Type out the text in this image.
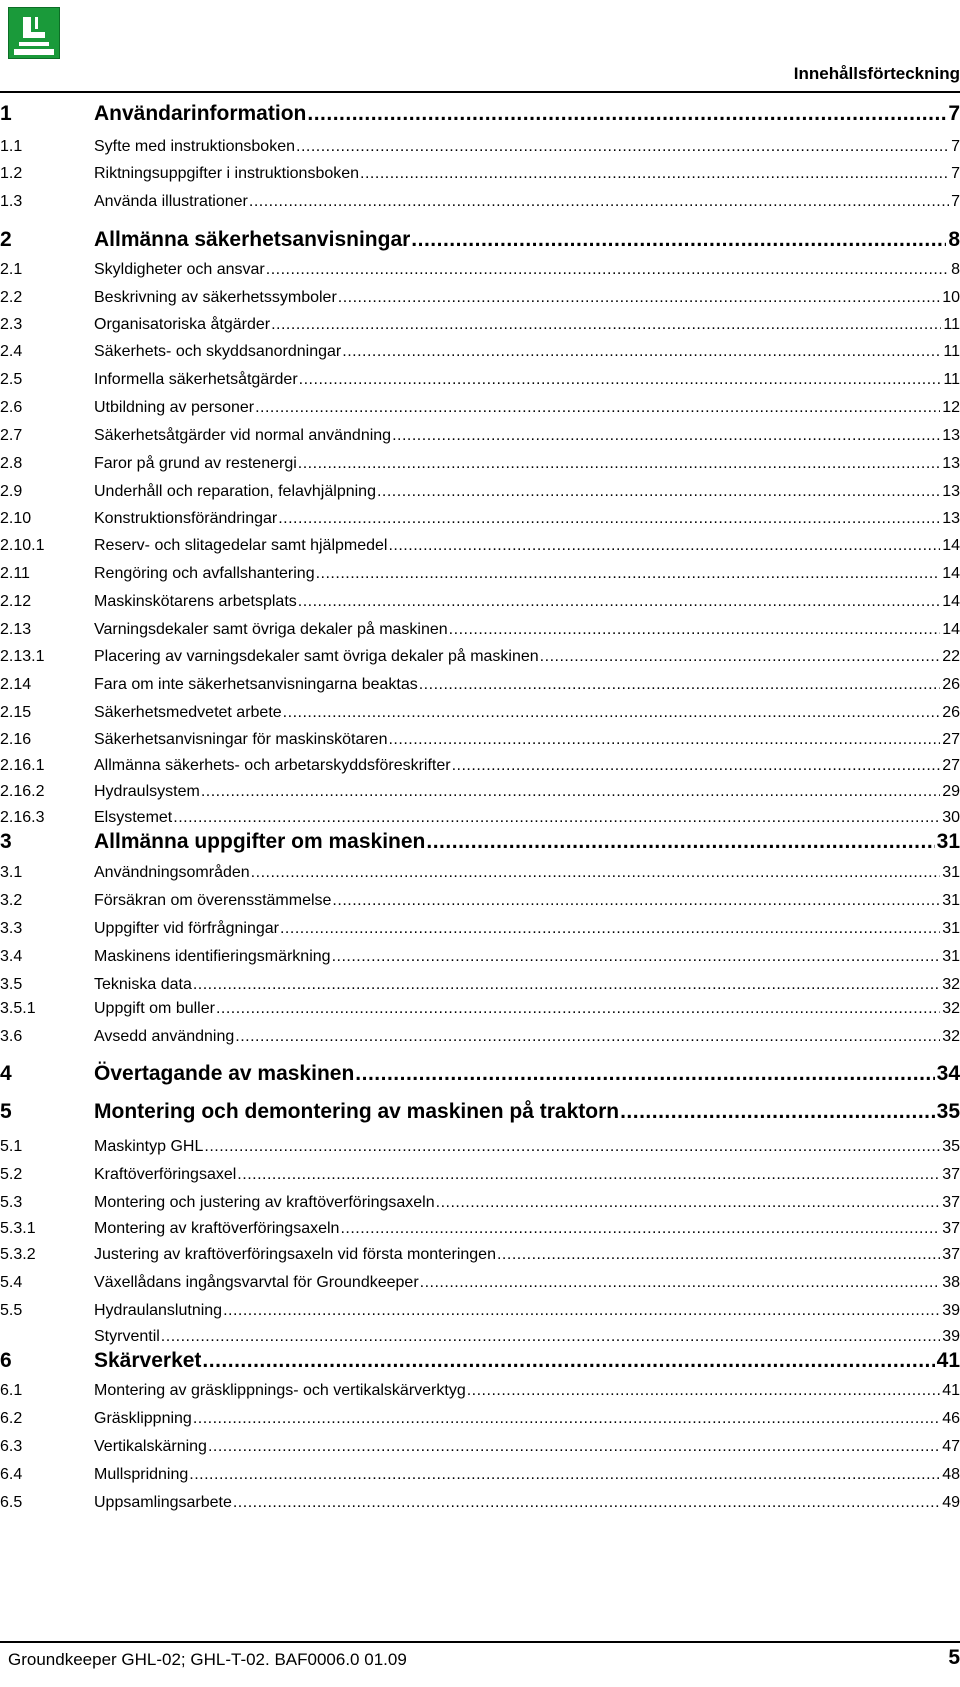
Innehållsförteckning
1	Användarinformation .....	7
1.1	Syfte med instruktionsboken .....	7
1.2	Riktningsuppgifter i instruktionsboken .....	7
1.3	Använda illustrationer .....	7
2	Allmänna säkerhetsanvisningar .....	8
2.1	Skyldigheter och ansvar .....	8
2.2	Beskrivning av säkerhetssymboler .....	10
2.3	Organisatoriska åtgärder .....	11
2.4	Säkerhets- och skyddsanordningar .....	11
2.5	Informella säkerhetsåtgärder .....	11
2.6	Utbildning av personer .....	12
2.7	Säkerhetsåtgärder vid normal användning .....	13
2.8	Faror på grund av restenergi .....	13
2.9	Underhåll och reparation, felavhjälpning .....	13
2.10	Konstruktionsförändringar .....	13
2.10.1	Reserv- och slitagedelar samt hjälpmedel .....	14
2.11	Rengöring och avfallshantering .....	14
2.12	Maskinskötarens arbetsplats .....	14
2.13	Varningsdekaler samt övriga dekaler på maskinen .....	14
2.13.1	Placering av varningsdekaler samt övriga dekaler på maskinen .....	22
2.14	Fara om inte säkerhetsanvisningarna beaktas .....	26
2.15	Säkerhetsmedvetet arbete .....	26
2.16	Säkerhetsanvisningar för maskinskötaren .....	27
2.16.1	Allmänna säkerhets- och arbetarskyddsföreskrifter .....	27
2.16.2	Hydraulsystem .....	29
2.16.3	Elsystemet .....	30
3	Allmänna uppgifter om maskinen .....	31
3.1	Användningsområden .....	31
3.2	Försäkran om överensstämmelse .....	31
3.3	Uppgifter vid förfrågningar .....	31
3.4	Maskinens identifieringsmärkning .....	31
3.5	Tekniska data .....	32
3.5.1	Uppgift om buller .....	32
3.6	Avsedd användning .....	32
4	Övertagande av maskinen .....	34
5	Montering och demontering av maskinen på traktorn .....	35
5.1	Maskintyp GHL .....	35
5.2	Kraftöverföringsaxel .....	37
5.3	Montering och justering av kraftöverföringsaxeln .....	37
5.3.1	Montering av kraftöverföringsaxeln .....	37
5.3.2	Justering av kraftöverföringsaxeln vid första monteringen .....	37
5.4	Växellådans ingångsvarvtal för Groundkeeper .....	38
5.5	Hydraulanslutning .....	39
Styrventil .....	39
6	Skärverket .....	41
6.1	Montering av gräsklippnings- och vertikalskärverktyg .....	41
6.2	Gräsklippning .....	46
6.3	Vertikalskärning .....	47
6.4	Mullspridning .....	48
6.5	Uppsamlingsarbete .....	49
Groundkeeper GHL-02; GHL-T-02. BAF0006.0 01.09	5
